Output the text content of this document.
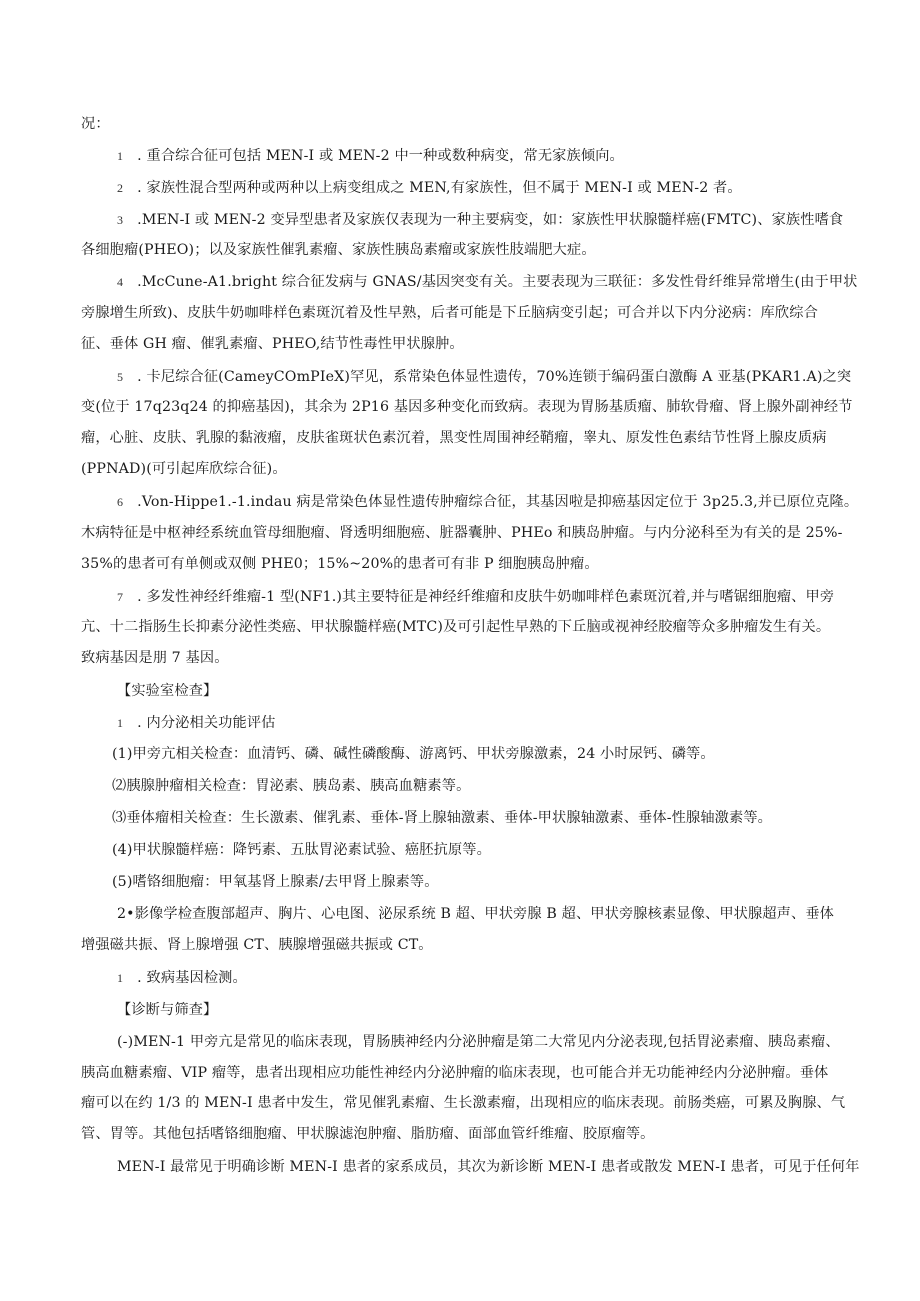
况：
1 . 重合综合征可包括 MEN-I 或 MEN-2 中一种或数种病变，常无家族倾向。
2 . 家族性混合型两种或两种以上病变组成之 MEN,有家族性，但不属于 MEN-I 或 MEN-2 者。
3 .MEN-I 或 MEN-2 变异型患者及家族仅表现为一种主要病变，如：家族性甲状腺髓样癌(FMTC)、家族性嗜食
各细胞瘤(PHEO)；以及家族性催乳素瘤、家族性胰岛素瘤或家族性肢端肥大症。
4 .McCune-A1.bright 综合征发病与 GNAS/基因突变有关。主要表现为三联征：多发性骨纤维异常增生(由于甲状
旁腺增生所致)、皮肤牛奶咖啡样色素斑沉着及性早熟，后者可能是下丘脑病变引起；可合并以下内分泌病：库欣综合
征、垂体 GH 瘤、催乳素瘤、PHEO,结节性毒性甲状腺肿。
5 . 卡尼综合征(CameyCOmPIeX)罕见，系常染色体显性遗传，70%连锁于编码蛋白激酶 A 亚基(PKAR1.A)之突
变(位于 17q23q24 的抑癌基因)，其余为 2P16 基因多种变化而致病。表现为胃肠基质瘤、肺软骨瘤、肾上腺外副神经节
瘤，心脏、皮肤、乳腺的黏液瘤，皮肤雀斑状色素沉着，黑变性周围神经鞘瘤，睾丸、原发性色素结节性肾上腺皮质病
(PPNAD)(可引起库欣综合征)。
6 .Von-Hippe1.-1.indau 病是常染色体显性遗传肿瘤综合征，其基因啦是抑癌基因定位于 3p25.3,并已原位克隆。
木病特征是中枢神经系统血管母细胞瘤、肾透明细胞癌、脏器囊肿、PHEo 和胰岛肿瘤。与内分泌科至为有关的是 25%-
35%的患者可有单侧或双侧 PHE0；15%~20%的患者可有非 P 细胞胰岛肿瘤。
7 . 多发性神经纤维瘤-1 型(NF1.)其主要特征是神经纤维瘤和皮肤牛奶咖啡样色素斑沉着,并与嗜锯细胞瘤、甲旁
亢、十二指肠生长抑素分泌性类癌、甲状腺髓样癌(MTC)及可引起性早熟的下丘脑或视神经胶瘤等众多肿瘤发生有关。
致病基因是朋 7 基因。
【实验室检查】
1 . 内分泌相关功能评估
(1)甲旁亢相关检查：血清钙、磷、碱性磷酸酶、游离钙、甲状旁腺激素，24 小时尿钙、磷等。
⑵胰腺肿瘤相关检查：胃泌素、胰岛素、胰高血糖素等。
⑶垂体瘤相关检查：生长激素、催乳素、垂体-肾上腺轴激素、垂体-甲状腺轴激素、垂体-性腺轴激素等。
(4)甲状腺髓样癌：降钙素、五肽胃泌素试验、癌胚抗原等。
(5)嗜铬细胞瘤：甲氧基肾上腺素/去甲肾上腺素等。
2•影像学检查腹部超声、胸片、心电图、泌尿系统 B 超、甲状旁腺 B 超、甲状旁腺核素显像、甲状腺超声、垂体
增强磁共振、肾上腺增强 CT、胰腺增强磁共振或 CT。
1 . 致病基因检测。
【诊断与筛查】
(-)MEN-1 甲旁亢是常见的临床表现，胃肠胰神经内分泌肿瘤是第二大常见内分泌表现,包括胃泌素瘤、胰岛素瘤、
胰高血糖素瘤、VIP 瘤等，患者出现相应功能性神经内分泌肿瘤的临床表现，也可能合并无功能神经内分泌肿瘤。垂体
瘤可以在约 1/3 的 MEN-I 患者中发生，常见催乳素瘤、生长激素瘤，出现相应的临床表现。前肠类癌，可累及胸腺、气
管、胃等。其他包括嗜铬细胞瘤、甲状腺滤泡肿瘤、脂肪瘤、面部血管纤维瘤、胶原瘤等。
MEN-I 最常见于明确诊断 MEN-I 患者的家系成员，其次为新诊断 MEN-I 患者或散发 MEN-I 患者，可见于任何年
